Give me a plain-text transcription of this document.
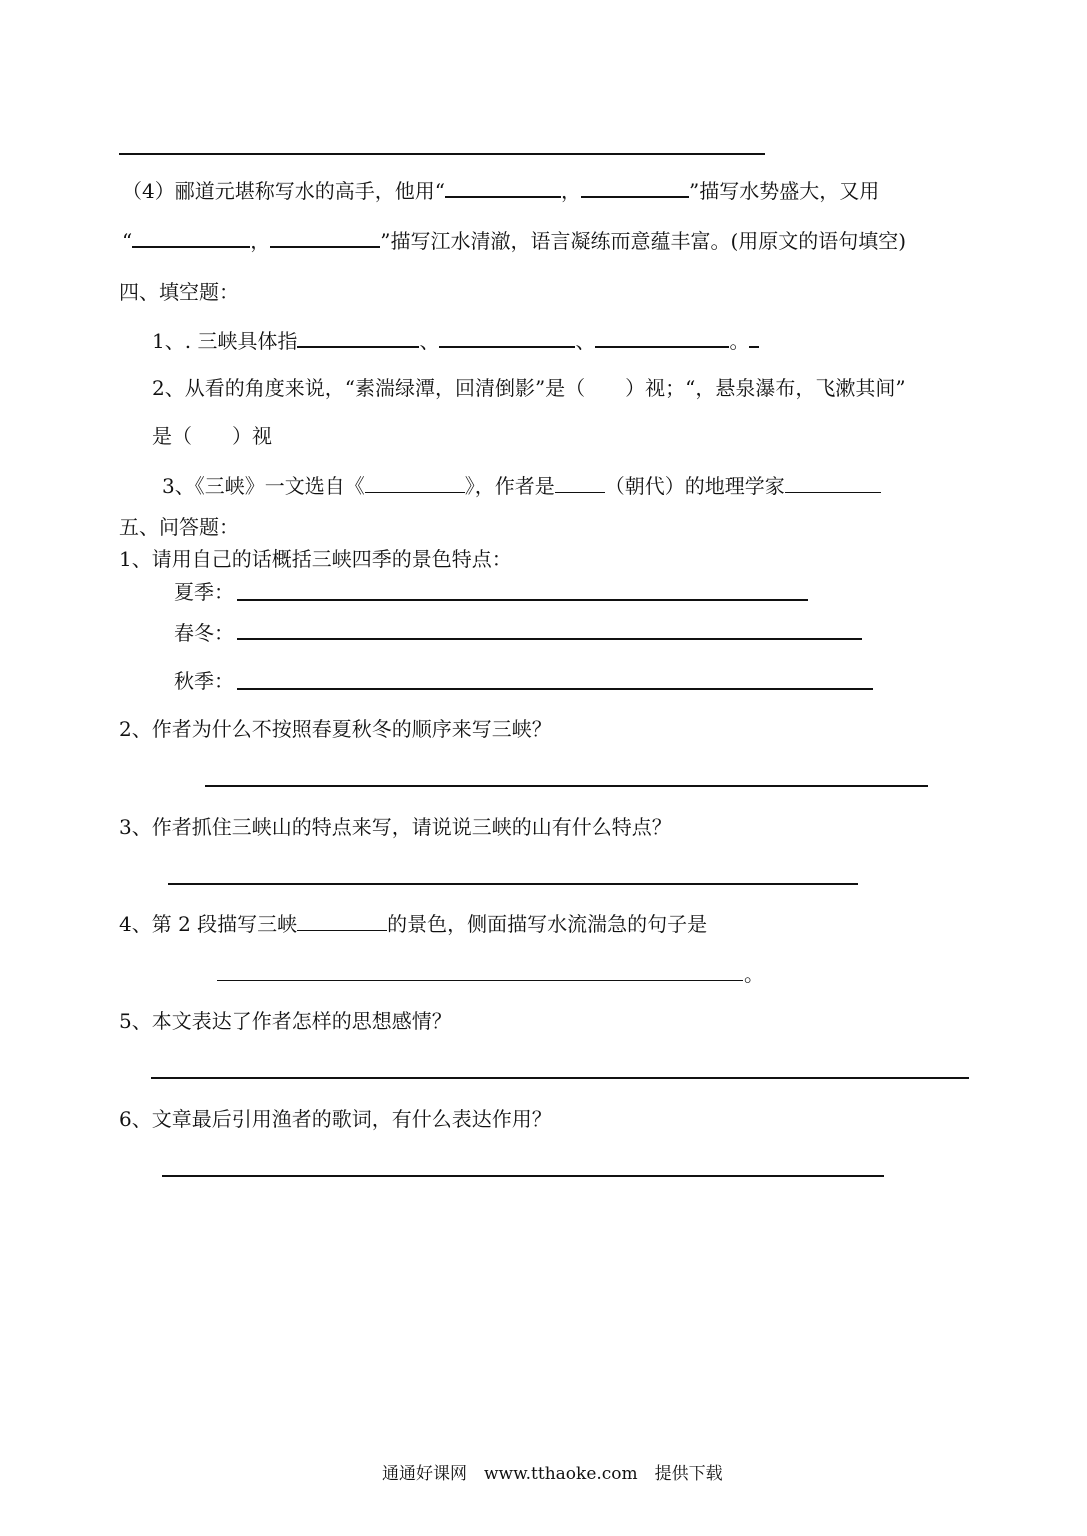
（4）郦道元堪称写水的高手，他用“	，	”描写水势盛大，又用
“	，	”描写江水清澈，语言凝练而意蕴丰富。(用原文的语句填空)
四、填空题：
1、. 三峡具体指	、	、	。
2、从看的角度来说，“素湍绿潭，回清倒影”是（　　）视；“，悬泉瀑布，飞漱其间”
是（　　）视
3、《三峡》一文选自《	》，作者是	（朝代）的地理学家
五、问答题：
1、请用自己的话概括三峡四季的景色特点：
夏季：
春冬：
秋季：
2、作者为什么不按照春夏秋冬的顺序来写三峡？
3、作者抓住三峡山的特点来写，请说说三峡的山有什么特点？
4、第 2 段描写三峡	的景色，侧面描写水流湍急的句子是
。
5、本文表达了作者怎样的思想感情？
6、文章最后引用渔者的歌词，有什么表达作用？
通通好课网　www.tthaoke.com　提供下载
